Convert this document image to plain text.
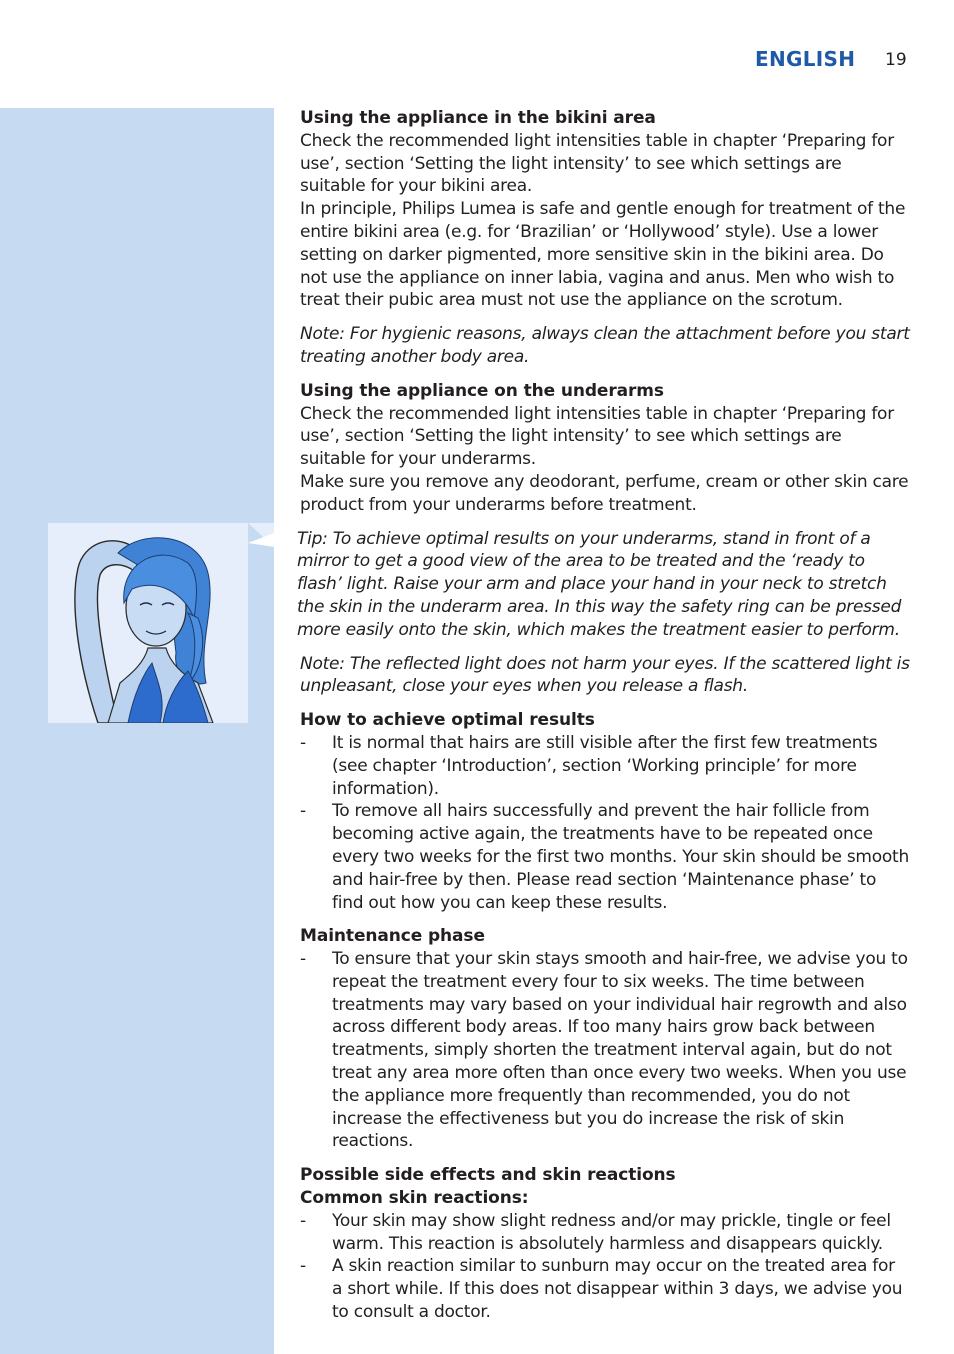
ENGLISH 19
Using the appliance in the bikini area

Check the recommended light intensities table in chapter ‘Preparing for use’, section ‘Setting the light intensity’ to see which settings are suitable for your bikini area.

In principle, Philips Lumea is safe and gentle enough for treatment of the entire bikini area (e.g. for ‘Brazilian’ or ‘Hollywood’ style). Use a lower setting on darker pigmented, more sensitive skin in the bikini area. Do not use the appliance on inner labia, vagina and anus. Men who wish to treat their pubic area must not use the appliance on the scrotum.

Note: For hygienic reasons, always clean the attachment before you start treating another body area.

Using the appliance on the underarms

Check the recommended light intensities table in chapter ‘Preparing for use’, section ‘Setting the light intensity’ to see which settings are suitable for your underarms.

Make sure you remove any deodorant, perfume, cream or other skin care product from your underarms before treatment.

Tip: To achieve optimal results on your underarms, stand in front of a mirror to get a good view of the area to be treated and the ‘ready to flash’ light. Raise your arm and place your hand in your neck to stretch the skin in the underarm area. In this way the safety ring can be pressed more easily onto the skin, which makes the treatment easier to perform.

Note: The reflected light does not harm your eyes. If the scattered light is unpleasant, close your eyes when you release a flash.

How to achieve optimal results
- It is normal that hairs are still visible after the first few treatments (see chapter ‘Introduction’, section ‘Working principle’ for more information).
- To remove all hairs successfully and prevent the hair follicle from becoming active again, the treatments have to be repeated once every two weeks for the first two months. Your skin should be smooth and hair-free by then. Please read section ‘Maintenance phase’ to find out how you can keep these results.
Maintenance phase
- To ensure that your skin stays smooth and hair-free, we advise you to repeat the treatment every four to six weeks. The time between treatments may vary based on your individual hair regrowth and also across different body areas. If too many hairs grow back between treatments, simply shorten the treatment interval again, but do not treat any area more often than once every two weeks. When you use the appliance more frequently than recommended, you do not increase the effectiveness but you do increase the risk of skin reactions.
Possible side effects and skin reactions
Common skin reactions:
- Your skin may show slight redness and/or may prickle, tingle or feel warm. This reaction is absolutely harmless and disappears quickly.
- A skin reaction similar to sunburn may occur on the treated area for a short while. If this does not disappear within 3 days, we advise you to consult a doctor.
